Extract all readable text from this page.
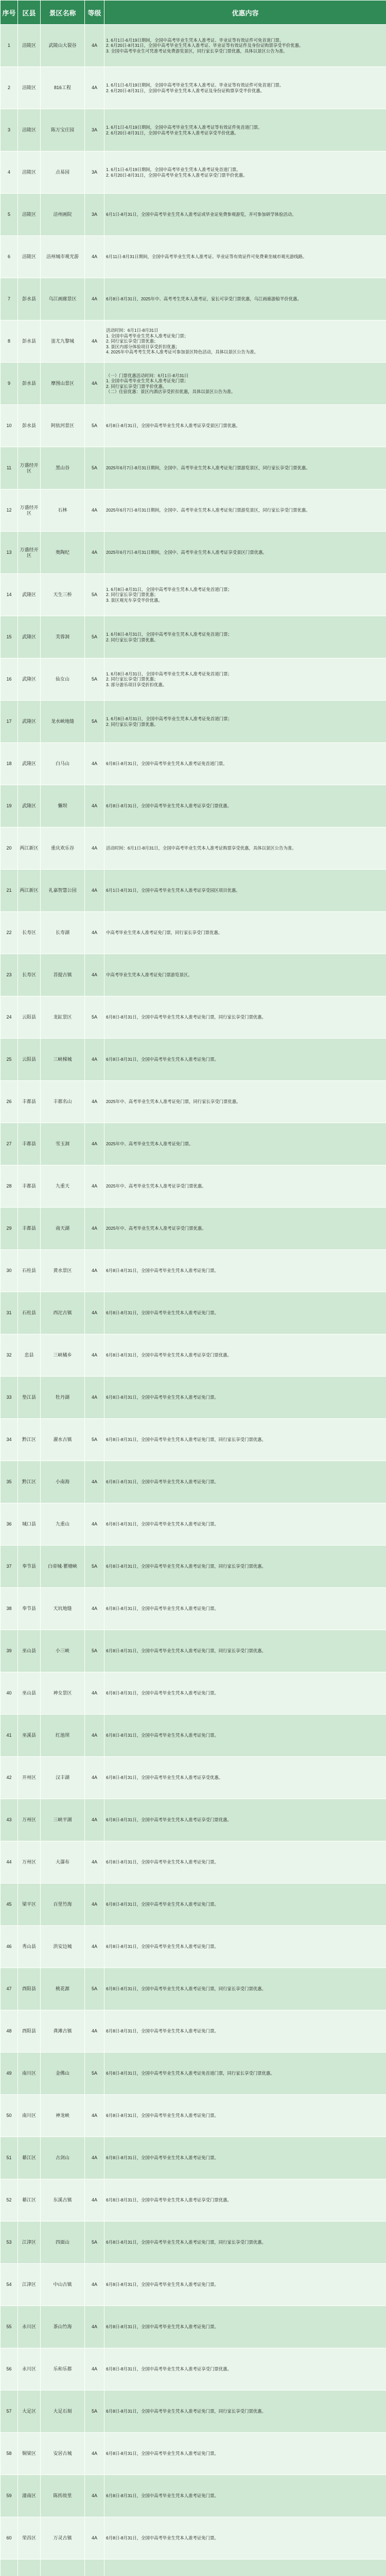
序号	区县	景区名称	等级	优惠内容
1	涪陵区	武陵山大裂谷	4A	1. 6月1日-6月19日期间，全国中高考毕业生凭本人准考证、毕业证等有效证件可免首道门票。
2. 6月20日-8月31日，全国中高考毕业生凭本人准考证、毕业证等有效证件及身份证购票享受半价优惠。
3. 全国中高考毕业生可凭准考证免费游览景区，同行家长享受门票优惠，具体以景区公告为准。
2	涪陵区	816工程	4A	1. 6月1日-6月19日期间，全国中高考毕业生凭本人准考证、毕业证等有效证件可免首道门票。
2. 6月20日-8月31日，全国中高考毕业生凭本人准考证及身份证购票享受半价优惠。
3	涪陵区	陈万宝庄园	3A	1. 6月1日-6月19日期间，全国中高考毕业生凭本人准考证等有效证件免首道门票。
2. 6月20日-8月31日，全国中高考毕业生凭本人准考证享受半价优惠。
4	涪陵区	点易园	3A	1. 6月1日-6月19日期间，全国中高考毕业生凭本人准考证免首道门票。
2. 6月20日-8月31日，全国中高考毕业生凭本人准考证享受门票半价优惠。
5	涪陵区	涪州画院	3A	6月1日-8月31日，全国中高考毕业生凭本人准考证或毕业证免费参观游览，并可参加研学体验活动。
6	涪陵区	涪州城市观光游	4A	6月11日-8月31日期间，全国中高考毕业生凭本人准考证、毕业证等有效证件可免费乘坐城市观光游线路。
7	彭水县	乌江画廊景区	4A	6月8日-8月31日，2025年中、高考考生凭本人准考证，家长可享受门票优惠，乌江画廊游船半价优惠。
8	彭水县	蚩尤九黎城	4A	活动时间：6月1日-8月31日
1. 全国中高考毕业生凭本人准考证免门票；
2. 同行家长享受门票优惠；
3. 景区内部分体验项目享受折扣优惠；
4. 2025年中高考考生凭本人准考证可参加景区特色活动，具体以景区公告为准。
9	彭水县	摩围山景区	4A	（一）门票优惠活动时间：6月1日-8月31日
1. 全国中高考毕业生凭本人准考证免门票；
2. 同行家长享受门票半价优惠。
（二）住宿优惠：景区内酒店享受折扣优惠，具体以景区公告为准。
10	彭水县	阿依河景区	5A	6月8日-8月31日，全国中高考毕业生凭本人准考证享受景区门票优惠。
11	万盛经开区	黑山谷	5A	2025年6月7日-8月31日期间，全国中、高考毕业生凭本人准考证免门票游览景区，同行家长享受门票优惠。
12	万盛经开区	石林	4A	2025年6月7日-8月31日期间，全国中、高考毕业生凭本人准考证免门票游览景区，同行家长享受门票优惠。
13	万盛经开区	奥陶纪	4A	2025年6月7日-8月31日期间，全国中、高考毕业生凭本人准考证享受景区门票优惠。
14	武隆区	天生三桥	5A	1. 6月8日-8月31日，全国中高考毕业生凭本人准考证免首道门票；
2. 同行家长享受门票优惠；
3. 景区观光车享受半价优惠。
15	武隆区	芙蓉洞	5A	1. 6月8日-8月31日，全国中高考毕业生凭本人准考证免首道门票；
2. 同行家长享受门票优惠。
16	武隆区	仙女山	5A	1. 6月8日-8月31日，全国中高考毕业生凭本人准考证免首道门票；
2. 同行家长享受门票优惠；
3. 部分游乐项目享受折扣优惠。
17	武隆区	龙水峡地缝	5A	1. 6月8日-8月31日，全国中高考毕业生凭本人准考证免首道门票；
2. 同行家长享受门票优惠。
18	武隆区	白马山	4A	6月8日-8月31日，全国中高考毕业生凭本人准考证免首道门票。
19	武隆区	懒坝	4A	6月8日-8月31日，全国中高考毕业生凭本人准考证享受门票优惠。
20	两江新区	重庆欢乐谷	4A	活动时间：6月1日-8月31日，全国中高考毕业生凭本人准考证购票享受优惠，具体以景区公告为准。
21	两江新区	礼嘉智慧公园	4A	6月1日-8月31日，全国中高考毕业生凭本人准考证享受园区项目优惠。
22	长寿区	长寿湖	4A	中高考毕业生凭本人准考证免门票，同行家长享受门票优惠。
23	长寿区	菩提古镇	4A	中高考毕业生凭本人准考证免门票游览景区。
24	云阳县	龙缸景区	5A	6月8日-8月31日，全国中高考毕业生凭本人准考证免门票，同行家长享受门票优惠。
25	云阳县	三峡梯城	4A	6月8日-8月31日，全国中高考毕业生凭本人准考证免门票。
26	丰都县	丰都名山	4A	2025年中、高考毕业生凭本人准考证免门票，同行家长享受门票优惠。
27	丰都县	雪玉洞	4A	2025年中、高考毕业生凭本人准考证免门票。
28	丰都县	九重天	4A	2025年中、高考毕业生凭本人准考证享受门票优惠。
29	丰都县	南天湖	4A	2025年中、高考毕业生凭本人准考证享受门票优惠。
30	石柱县	黄水景区	4A	6月8日-8月31日，全国中高考毕业生凭本人准考证免门票。
31	石柱县	西沱古镇	4A	6月8日-8月31日，全国中高考毕业生凭本人准考证免门票。
32	忠县	三峡橘乡	4A	6月8日-8月31日，全国中高考毕业生凭本人准考证享受门票优惠。
33	垫江县	牡丹湖	4A	6月8日-8月31日，全国中高考毕业生凭本人准考证免门票。
34	黔江区	濯水古镇	5A	6月8日-8月31日，全国中高考毕业生凭本人准考证免门票，同行家长享受门票优惠。
35	黔江区	小南海	4A	6月8日-8月31日，全国中高考毕业生凭本人准考证免门票。
36	城口县	九重山	4A	6月8日-8月31日，全国中高考毕业生凭本人准考证免门票。
37	奉节县	白帝城·瞿塘峡	5A	6月8日-8月31日，全国中高考毕业生凭本人准考证免门票，同行家长享受门票优惠。
38	奉节县	天坑地缝	4A	6月8日-8月31日，全国中高考毕业生凭本人准考证免门票。
39	巫山县	小三峡	5A	6月8日-8月31日，全国中高考毕业生凭本人准考证免门票，同行家长享受门票优惠。
40	巫山县	神女景区	4A	6月8日-8月31日，全国中高考毕业生凭本人准考证免门票。
41	巫溪县	红池坝	4A	6月8日-8月31日，全国中高考毕业生凭本人准考证免门票。
42	开州区	汉丰湖	4A	6月8日-8月31日，全国中高考毕业生凭本人准考证享受优惠。
43	万州区	三峡平湖	4A	6月8日-8月31日，全国中高考毕业生凭本人准考证享受门票优惠。
44	万州区	大瀑布	4A	6月8日-8月31日，全国中高考毕业生凭本人准考证免门票。
45	梁平区	百里竹海	4A	6月8日-8月31日，全国中高考毕业生凭本人准考证免门票。
46	秀山县	洪安边城	4A	6月8日-8月31日，全国中高考毕业生凭本人准考证免门票。
47	酉阳县	桃花源	5A	6月8日-8月31日，全国中高考毕业生凭本人准考证免门票，同行家长享受门票优惠。
48	酉阳县	龚滩古镇	4A	6月8日-8月31日，全国中高考毕业生凭本人准考证免门票。
49	南川区	金佛山	5A	6月8日-8月31日，全国中高考毕业生凭本人准考证免首道门票，同行家长享受门票优惠。
50	南川区	神龙峡	4A	6月8日-8月31日，全国中高考毕业生凭本人准考证免门票。
51	綦江区	古剑山	4A	6月8日-8月31日，全国中高考毕业生凭本人准考证免门票。
52	綦江区	东溪古镇	4A	6月8日-8月31日，全国中高考毕业生凭本人准考证享受门票优惠。
53	江津区	四面山	5A	6月8日-8月31日，全国中高考毕业生凭本人准考证免门票，同行家长享受门票优惠。
54	江津区	中山古镇	4A	6月8日-8月31日，全国中高考毕业生凭本人准考证免门票。
55	永川区	茶山竹海	4A	6月8日-8月31日，全国中高考毕业生凭本人准考证免门票。
56	永川区	乐和乐都	4A	6月8日-8月31日，全国中高考毕业生凭本人准考证享受门票优惠。
57	大足区	大足石刻	5A	6月8日-8月31日，全国中高考毕业生凭本人准考证免门票，同行家长享受门票优惠。
58	铜梁区	安居古城	4A	6月8日-8月31日，全国中高考毕业生凭本人准考证免门票。
59	潼南区	陈抟故里	4A	6月8日-8月31日，全国中高考毕业生凭本人准考证免门票。
60	荣昌区	万灵古镇	4A	6月8日-8月31日，全国中高考毕业生凭本人准考证免门票。
